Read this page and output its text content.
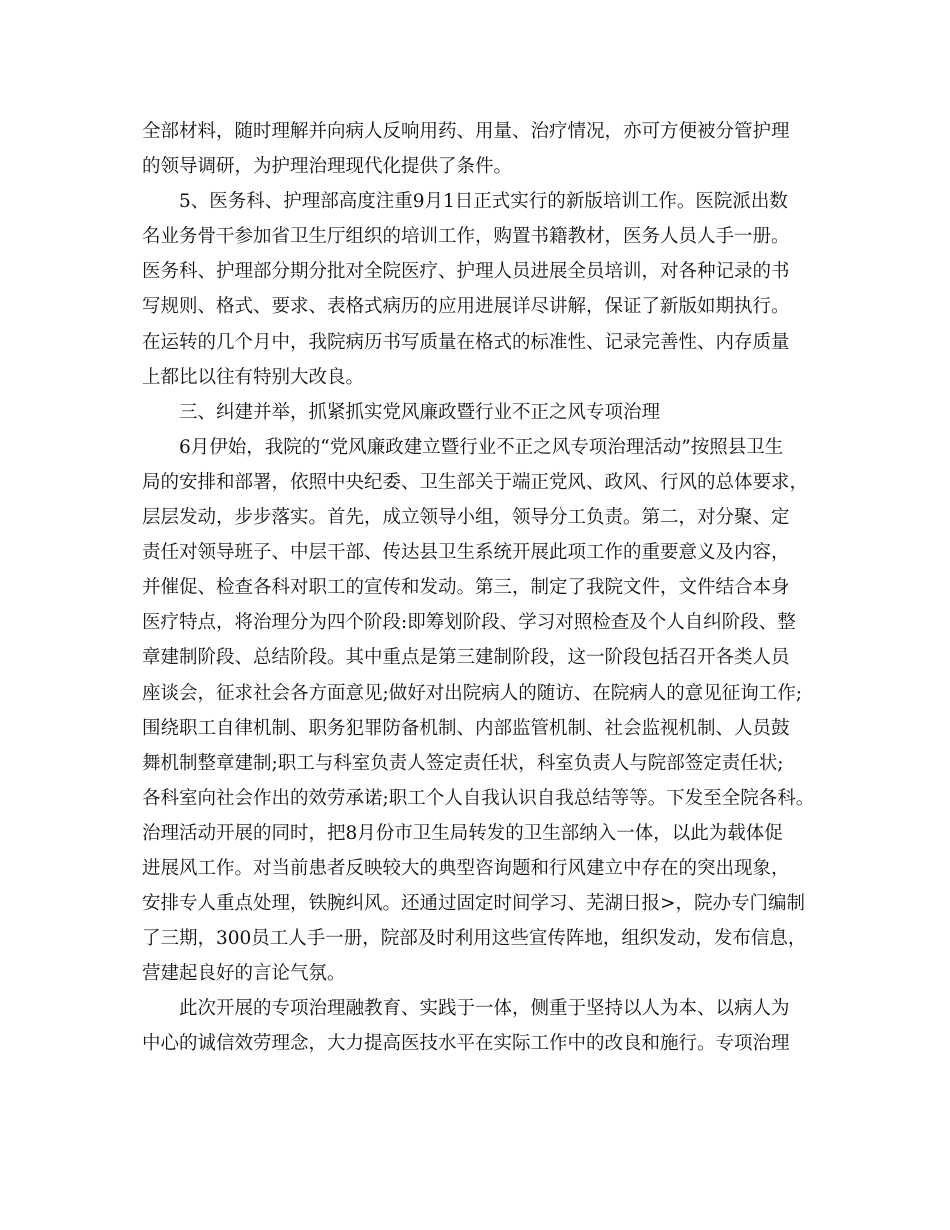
全部材料，随时理解并向病人反响用药、用量、治疗情况，亦可方便被分管护理
的领导调研，为护理治理现代化提供了条件。
5、医务科、护理部高度注重9月1日正式实行的新版培训工作。医院派出数
名业务骨干参加省卫生厅组织的培训工作，购置书籍教材，医务人员人手一册。
医务科、护理部分期分批对全院医疗、护理人员进展全员培训，对各种记录的书
写规则、格式、要求、表格式病历的应用进展详尽讲解，保证了新版如期执行。
在运转的几个月中，我院病历书写质量在格式的标准性、记录完善性、内存质量
上都比以往有特别大改良。
三、纠建并举，抓紧抓实党风廉政暨行业不正之风专项治理
6月伊始，我院的“党风廉政建立暨行业不正之风专项治理活动”按照县卫生
局的安排和部署，依照中央纪委、卫生部关于端正党风、政风、行风的总体要求，
层层发动，步步落实。首先，成立领导小组，领导分工负责。第二，对分聚、定
责任对领导班子、中层干部、传达县卫生系统开展此项工作的重要意义及内容，
并催促、检查各科对职工的宣传和发动。第三，制定了我院文件，文件结合本身
医疗特点，将治理分为四个阶段:即筹划阶段、学习对照检查及个人自纠阶段、整
章建制阶段、总结阶段。其中重点是第三建制阶段，这一阶段包括召开各类人员
座谈会，征求社会各方面意见;做好对出院病人的随访、在院病人的意见征询工作;
围绕职工自律机制、职务犯罪防备机制、内部监管机制、社会监视机制、人员鼓
舞机制整章建制;职工与科室负责人签定责任状，科室负责人与院部签定责任状;
各科室向社会作出的效劳承诺;职工个人自我认识自我总结等等。下发至全院各科。
治理活动开展的同时，把8月份市卫生局转发的卫生部纳入一体，以此为载体促
进展风工作。对当前患者反映较大的典型咨询题和行风建立中存在的突出现象，
安排专人重点处理，铁腕纠风。还通过固定时间学习、芜湖日报>，院办专门编制
了三期，300员工人手一册，院部及时利用这些宣传阵地，组织发动，发布信息，
营建起良好的言论气氛。
此次开展的专项治理融教育、实践于一体，侧重于坚持以人为本、以病人为
中心的诚信效劳理念，大力提高医技水平在实际工作中的改良和施行。专项治理
